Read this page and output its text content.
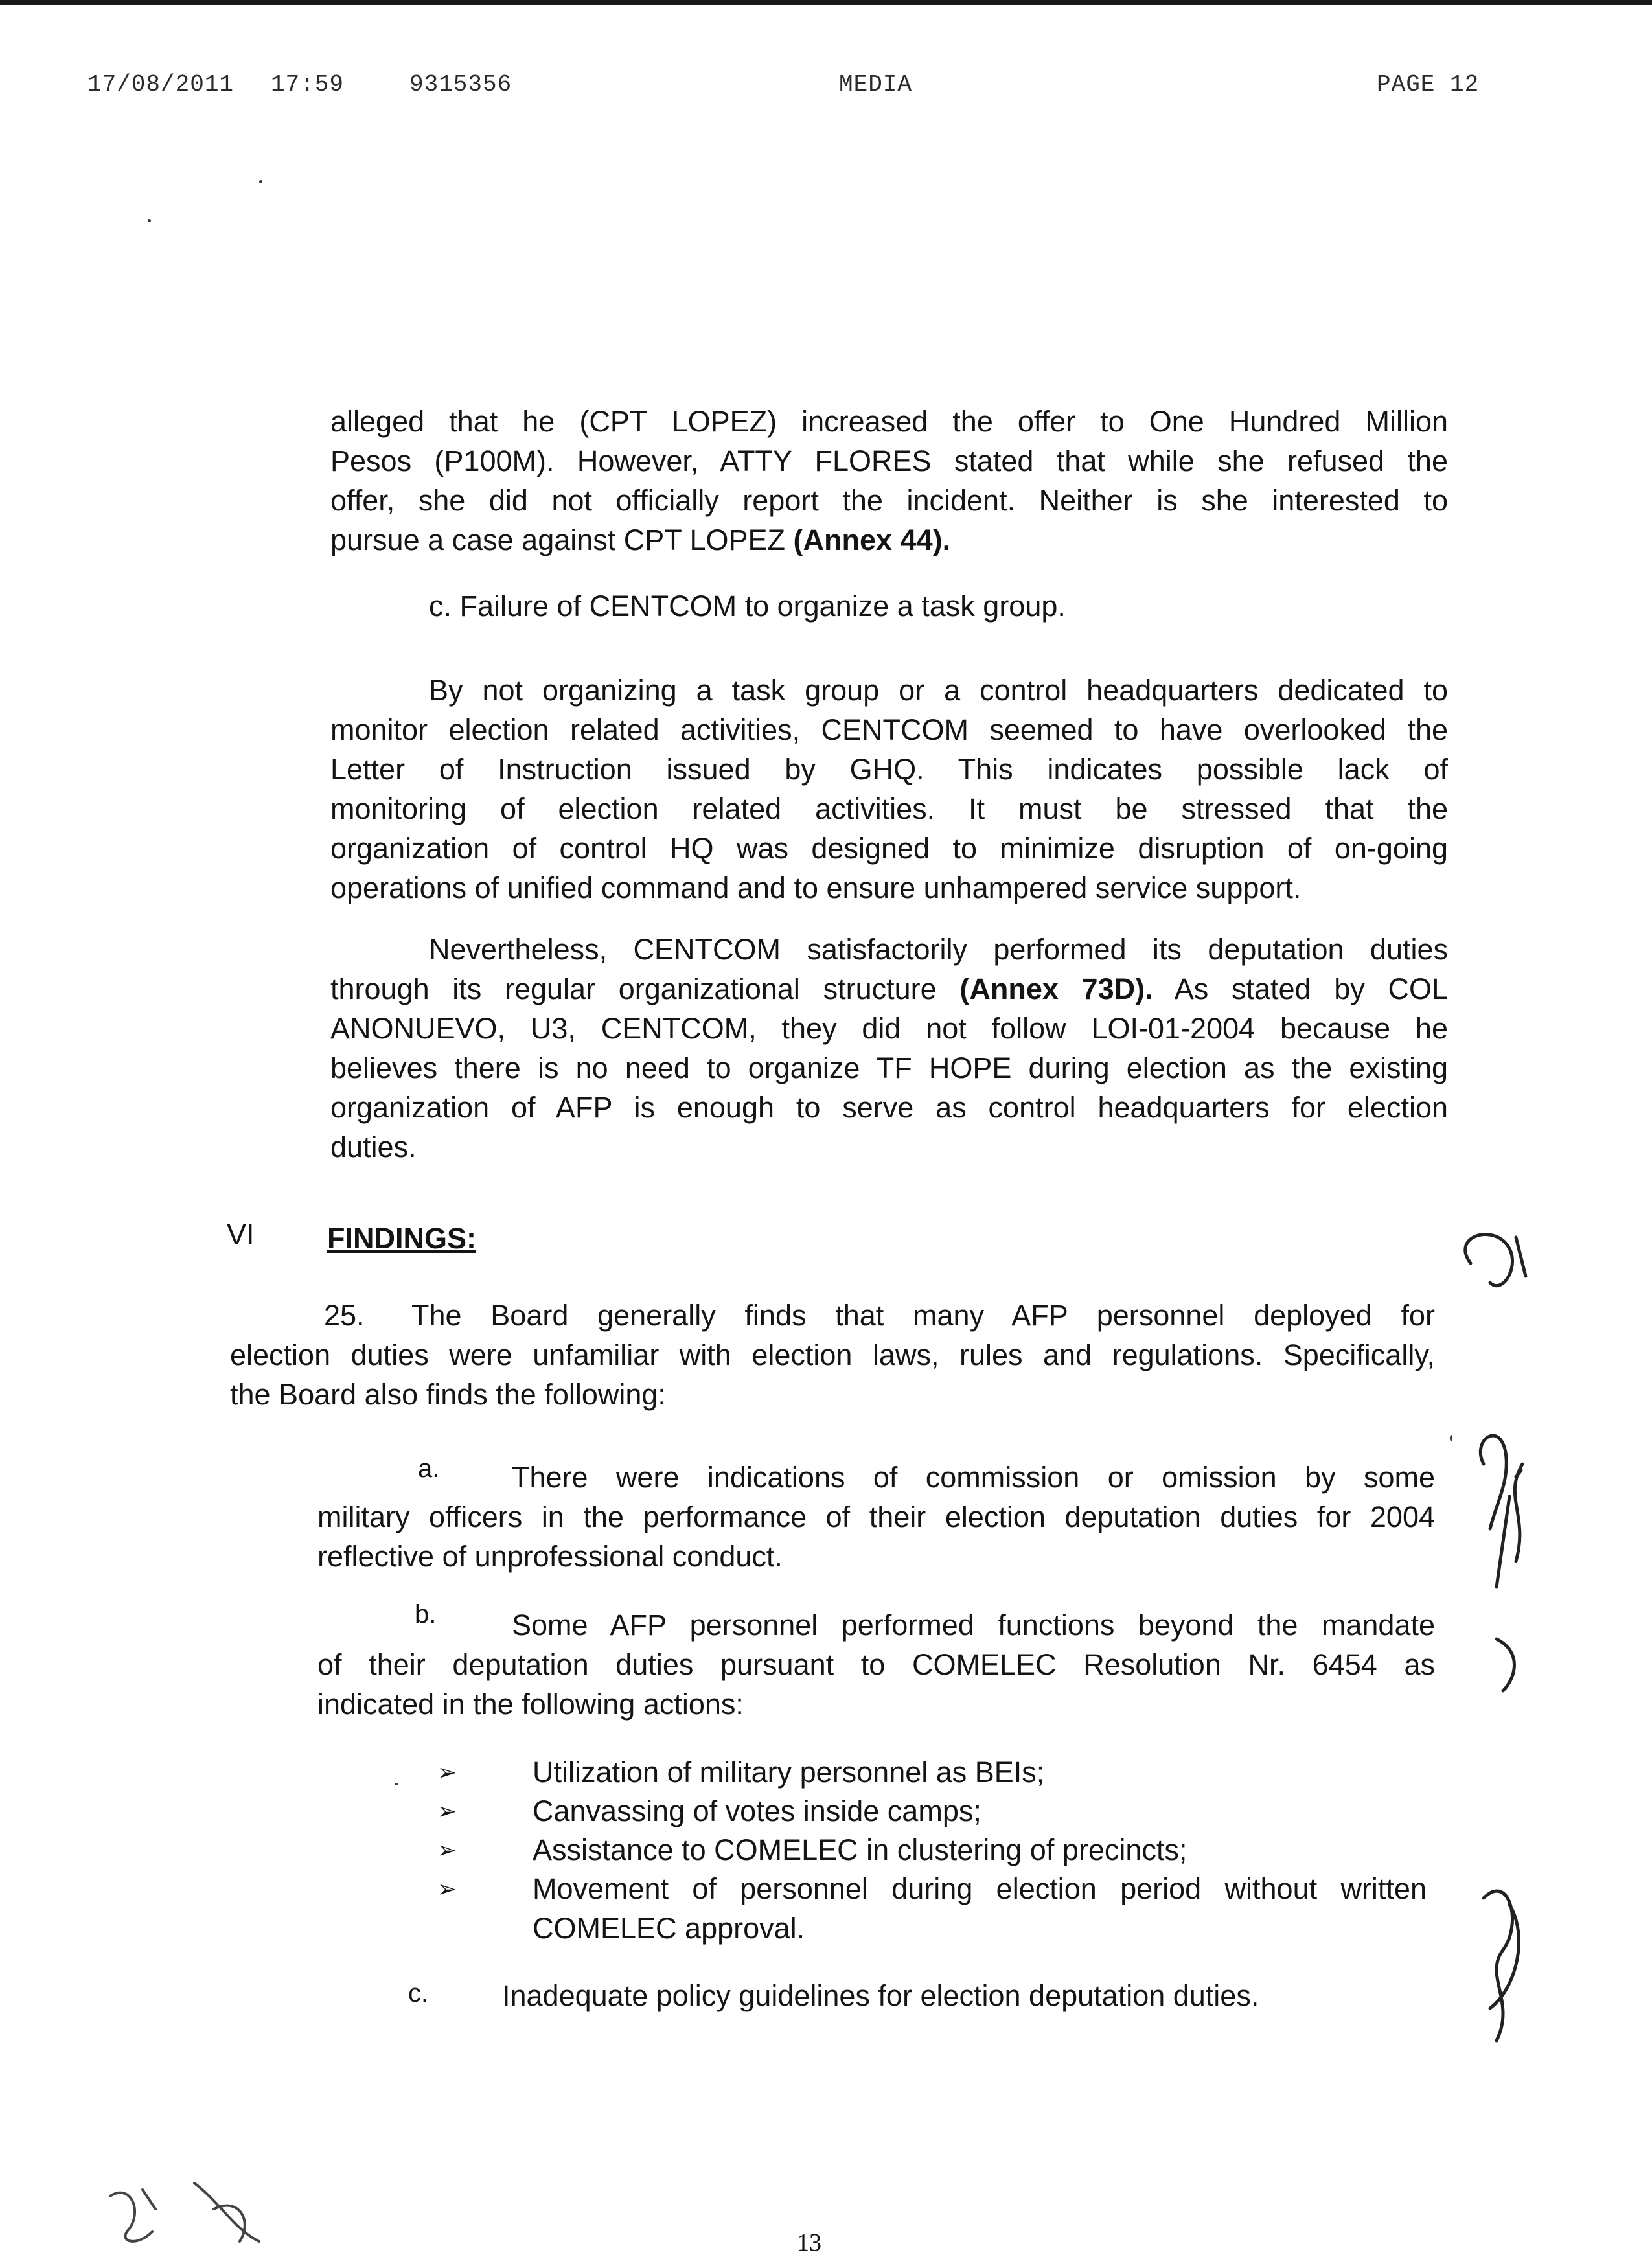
17/08/2011 17:59	9315356	MEDIA	PAGE 12
alleged that he (CPT LOPEZ) increased the offer to One Hundred Million
Pesos (P100M). However, ATTY FLORES stated that while she refused the
offer, she did not officially report the incident. Neither is she interested to
pursue a case against CPT LOPEZ (Annex 44).
c. Failure of CENTCOM to organize a task group.
By not organizing a task group or a control headquarters dedicated to
monitor election related activities, CENTCOM seemed to have overlooked the
Letter of Instruction issued by GHQ. This indicates possible lack of
monitoring of election related activities. It must be stressed that the
organization of control HQ was designed to minimize disruption of on-going
operations of unified command and to ensure unhampered service support.
Nevertheless, CENTCOM satisfactorily performed its deputation duties
through its regular organizational structure (Annex 73D). As stated by COL
ANONUEVO, U3, CENTCOM, they did not follow LOI-01-2004 because he
believes there is no need to organize TF HOPE during election as the existing
organization of AFP is enough to serve as control headquarters for election
duties.
VI FINDINGS:
25. The Board generally finds that many AFP personnel deployed for
election duties were unfamiliar with election laws, rules and regulations. Specifically,
the Board also finds the following:
a.	There were indications of commission or omission by some
military officers in the performance of their election deputation duties for 2004
reflective of unprofessional conduct.
b.	Some AFP personnel performed functions beyond the mandate
of their deputation duties pursuant to COMELEC Resolution Nr. 6454 as
indicated in the following actions:
➢	Utilization of military personnel as BEIs;
➢	Canvassing of votes inside camps;
➢	Assistance to COMELEC in clustering of precincts;
➢	Movement of personnel during election period without written
COMELEC approval.
c.	Inadequate policy guidelines for election deputation duties.
13
